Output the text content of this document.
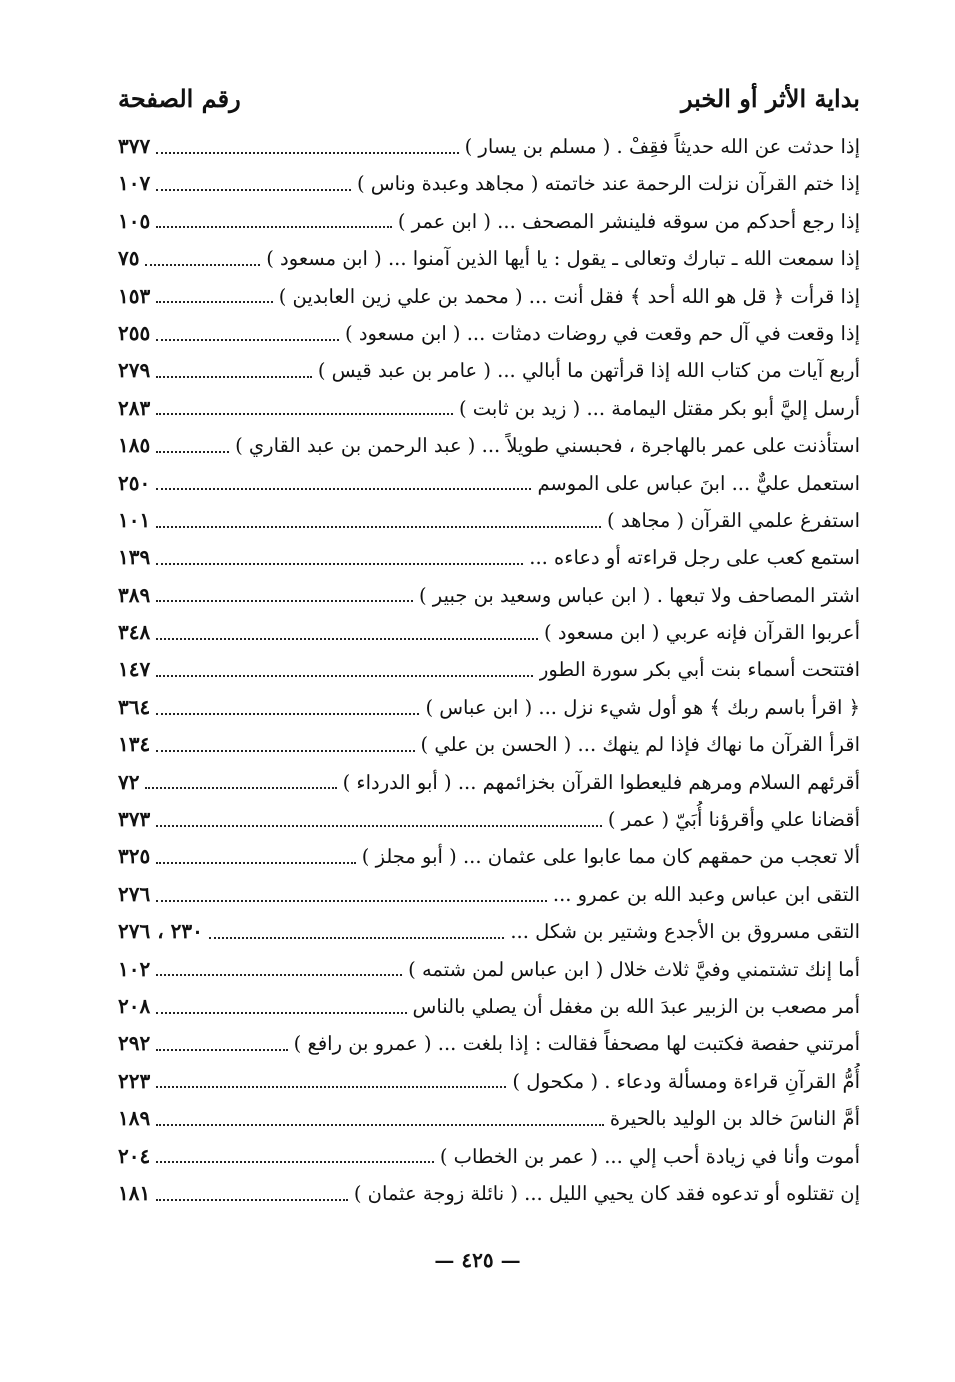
بداية الأثر أو الخبر
رقم الصفحة
إذا حدثت عن الله حديثاً فقِفْ . ( مسلم بن يسار )
٣٧٧
إذا ختم القرآن نزلت الرحمة عند خاتمته ( مجاهد وعبدة وناس )
١٠٧
إذا رجع أحدكم من سوقه فلينشر المصحف ... ( ابن عمر )
١٠٥
إذا سمعت الله ـ تبارك وتعالى ـ يقول : يا أيها الذين آمنوا ... ( ابن مسعود )
٧٥
إذا قرأت ﴿ قل هو الله أحد ﴾ فقل أنت ... ( محمد بن علي زين العابدين )
١٥٣
إذا وقعت في آل حم وقعت في روضات دمثات ... ( ابن مسعود )
٢٥٥
أربع آيات من كتاب الله إذا قرأتهن ما أبالي ... ( عامر بن عبد قيس )
٢٧٩
أرسل إليَّ أبو بكر مقتل اليمامة ... ( زيد بن ثابت )
٢٨٣
استأذنت على عمر بالهاجرة ، فحبسني طويلاً ... ( عبد الرحمن بن عبد القاري )
١٨٥
استعمل عليٌّ ... ابنَ عباس على الموسم
٢٥٠
استفرغ علمي القرآن ( مجاهد )
١٠١
استمع كعب على رجل قراءته أو دعاءه ...
١٣٩
اشتر المصاحف ولا تبعها . ( ابن عباس وسعيد بن جبير )
٣٨٩
أعربوا القرآن فإنه عربي ( ابن مسعود )
٣٤٨
افتتحت أسماء بنت أبي بكر سورة الطور
١٤٧
﴿ اقرأ باسم ربك ﴾ هو أول شيء نزل ... ( ابن عباس )
٣٦٤
اقرأ القرآن ما نهاك فإذا لم ينهك ... ( الحسن بن علي )
١٣٤
أقرئهم السلام ومرهم فليعطوا القرآن بخزائمهم ... ( أبو الدرداء )
٧٢
أقضانا علي وأقرؤنا أُبَيّ ( عمر )
٣٧٣
ألا تعجب من حمقهم كان مما عابوا على عثمان ... ( أبو مجلز )
٣٢٥
التقى ابن عباس وعبد الله بن عمرو ...
٢٧٦
التقى مسروق بن الأجدع وشتير بن شكل ...
٢٣٠ ، ٢٧٦
أما إنك تشتمني وفيَّ ثلاث خلال ( ابن عباس لمن شتمه )
١٠٢
أمر مصعب بن الزبير عبدَ الله بن مغفل أن يصلي بالناس
٢٠٨
أمرتني حفصة فكتبت لها مصحفاً فقالت : إذا بلغت ... ( عمرو بن رافع )
٢٩٢
أُمُّ القرآنِ قراءة ومسألة ودعاء . ( مكحول )
٢٢٣
أمَّ الناسَ خالد بن الوليد بالحيرة
١٨٩
أموت وأنا في زيادة أحب إلي ... ( عمر بن الخطاب )
٢٠٤
إن تقتلوه أو تدعوه فقد كان يحيي الليل ... ( نائلة زوجة عثمان )
١٨١
— ٤٢٥ —
